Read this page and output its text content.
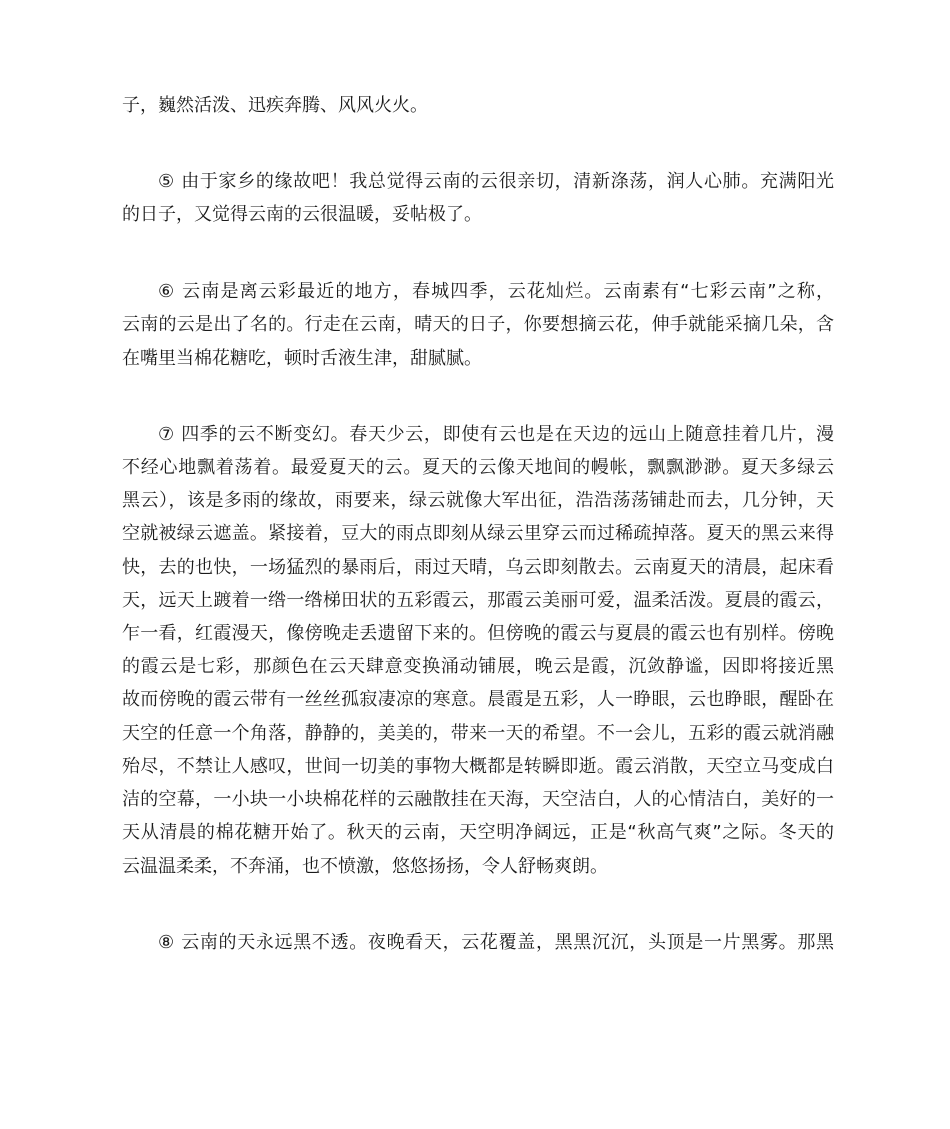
子，巍然活泼、迅疾奔腾、风风火火。
⑤ 由于家乡的缘故吧！我总觉得云南的云很亲切，清新涤荡，润人心肺。充满阳光
的日子，又觉得云南的云很温暖，妥帖极了。
⑥ 云南是离云彩最近的地方，春城四季，云花灿烂。云南素有“七彩云南”之称，
云南的云是出了名的。行走在云南，晴天的日子，你要想摘云花，伸手就能采摘几朵，含
在嘴里当棉花糖吃，顿时舌液生津，甜腻腻。
⑦ 四季的云不断变幻。春天少云，即使有云也是在天边的远山上随意挂着几片，漫
不经心地飘着荡着。最爱夏天的云。夏天的云像天地间的幔帐，飘飘渺渺。夏天多绿云
黑云），该是多雨的缘故，雨要来，绿云就像大军出征，浩浩荡荡铺赴而去，几分钟，天
空就被绿云遮盖。紧接着，豆大的雨点即刻从绿云里穿云而过稀疏掉落。夏天的黑云来得
快，去的也快，一场猛烈的暴雨后，雨过天晴，乌云即刻散去。云南夏天的清晨，起床看
天，远天上踱着一绺一绺梯田状的五彩霞云，那霞云美丽可爱，温柔活泼。夏晨的霞云，
乍一看，红霞漫天，像傍晚走丢遗留下来的。但傍晚的霞云与夏晨的霞云也有别样。傍晚
的霞云是七彩，那颜色在云天肆意变换涌动铺展，晚云是霞，沉敛静谧，因即将接近黑
故而傍晚的霞云带有一丝丝孤寂凄凉的寒意。晨霞是五彩，人一睁眼，云也睁眼，醒卧在
天空的任意一个角落，静静的，美美的，带来一天的希望。不一会儿，五彩的霞云就消融
殆尽，不禁让人感叹，世间一切美的事物大概都是转瞬即逝。霞云消散，天空立马变成白
洁的空幕，一小块一小块棉花样的云融散挂在天海，天空洁白，人的心情洁白，美好的一
天从清晨的棉花糖开始了。秋天的云南，天空明净阔远，正是“秋高气爽”之际。冬天的
云温温柔柔，不奔涌，也不愤激，悠悠扬扬，令人舒畅爽朗。
⑧ 云南的天永远黑不透。夜晚看天，云花覆盖，黑黑沉沉，头顶是一片黑雾。那黑
